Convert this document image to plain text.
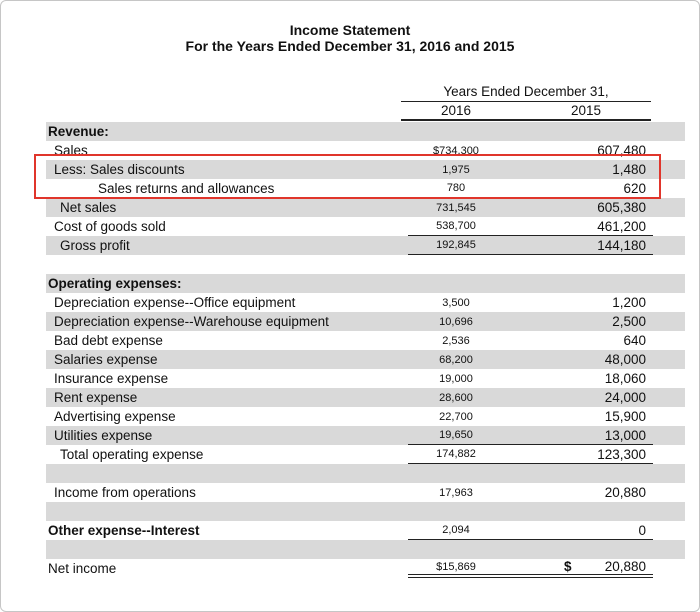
Income Statement
For the Years Ended December 31, 2016 and 2015
Years Ended December 31,
2016	2015
Revenue:
Sales	$734,300	607,480
Less: Sales discounts	1,975	1,480
Sales returns and allowances	780	620
Net sales	731,545	605,380
Cost of goods sold	538,700	461,200
Gross profit	192,845	144,180
Operating expenses:
Depreciation expense--Office equipment	3,500	1,200
Depreciation expense--Warehouse equipment	10,696	2,500
Bad debt expense	2,536	640
Salaries expense	68,200	48,000
Insurance expense	19,000	18,060
Rent expense	28,600	24,000
Advertising expense	22,700	15,900
Utilities expense	19,650	13,000
Total operating expense	174,882	123,300
Income from operations	17,963	20,880
Other expense--Interest	2,094	0
Net income	$15,869	$ 20,880
